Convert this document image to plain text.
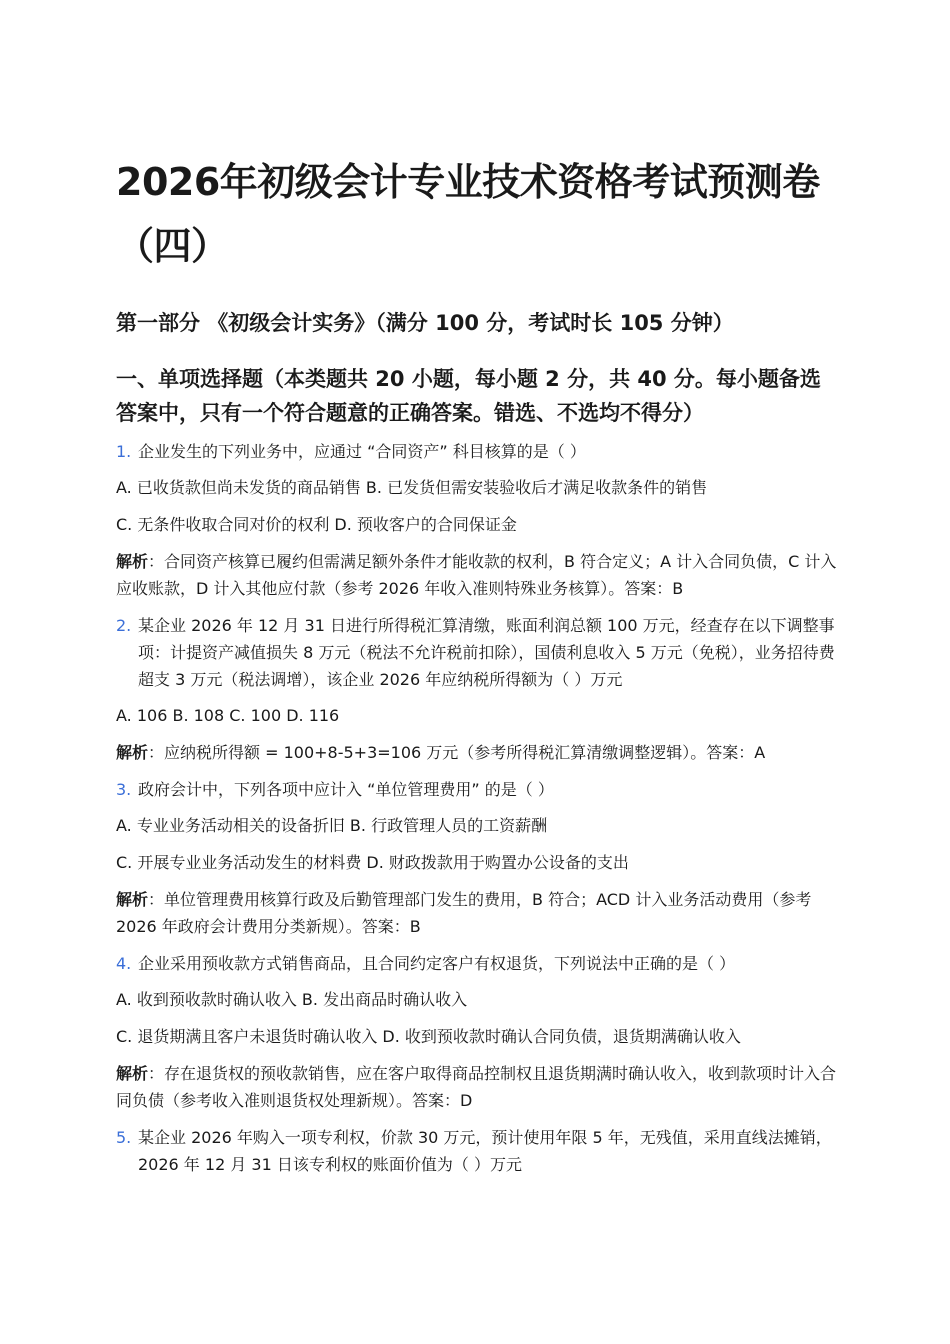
2026年初级会计专业技术资格考试预测卷（四）
第一部分 《初级会计实务》（满分 100 分，考试时长 105 分钟）
一、单项选择题（本类题共 20 小题，每小题 2 分，共 40 分。每小题备选答案中，只有一个符合题意的正确答案。错选、不选均不得分）
1. 企业发生的下列业务中，应通过 “合同资产” 科目核算的是（ ）
A. 已收货款但尚未发货的商品销售 B. 已发货但需安装验收后才满足收款条件的销售
C. 无条件收取合同对价的权利 D. 预收客户的合同保证金
解析：合同资产核算已履约但需满足额外条件才能收款的权利，B 符合定义；A 计入合同负债，C 计入应收账款，D 计入其他应付款（参考 2026 年收入准则特殊业务核算）。答案：B
2. 某企业 2026 年 12 月 31 日进行所得税汇算清缴，账面利润总额 100 万元，经查存在以下调整事项：计提资产减值损失 8 万元（税法不允许税前扣除），国债利息收入 5 万元（免税），业务招待费超支 3 万元（税法调增），该企业 2026 年应纳税所得额为（ ）万元
A. 106 B. 108 C. 100 D. 116
解析：应纳税所得额 = 100+8-5+3=106 万元（参考所得税汇算清缴调整逻辑）。答案：A
3. 政府会计中，下列各项中应计入 “单位管理费用” 的是（ ）
A. 专业业务活动相关的设备折旧 B. 行政管理人员的工资薪酬
C. 开展专业业务活动发生的材料费 D. 财政拨款用于购置办公设备的支出
解析：单位管理费用核算行政及后勤管理部门发生的费用，B 符合；ACD 计入业务活动费用（参考 2026 年政府会计费用分类新规）。答案：B
4. 企业采用预收款方式销售商品，且合同约定客户有权退货，下列说法中正确的是（ ）
A. 收到预收款时确认收入 B. 发出商品时确认收入
C. 退货期满且客户未退货时确认收入 D. 收到预收款时确认合同负债，退货期满确认收入
解析：存在退货权的预收款销售，应在客户取得商品控制权且退货期满时确认收入，收到款项时计入合同负债（参考收入准则退货权处理新规）。答案：D
5. 某企业 2026 年购入一项专利权，价款 30 万元，预计使用年限 5 年，无残值，采用直线法摊销，2026 年 12 月 31 日该专利权的账面价值为（ ）万元
